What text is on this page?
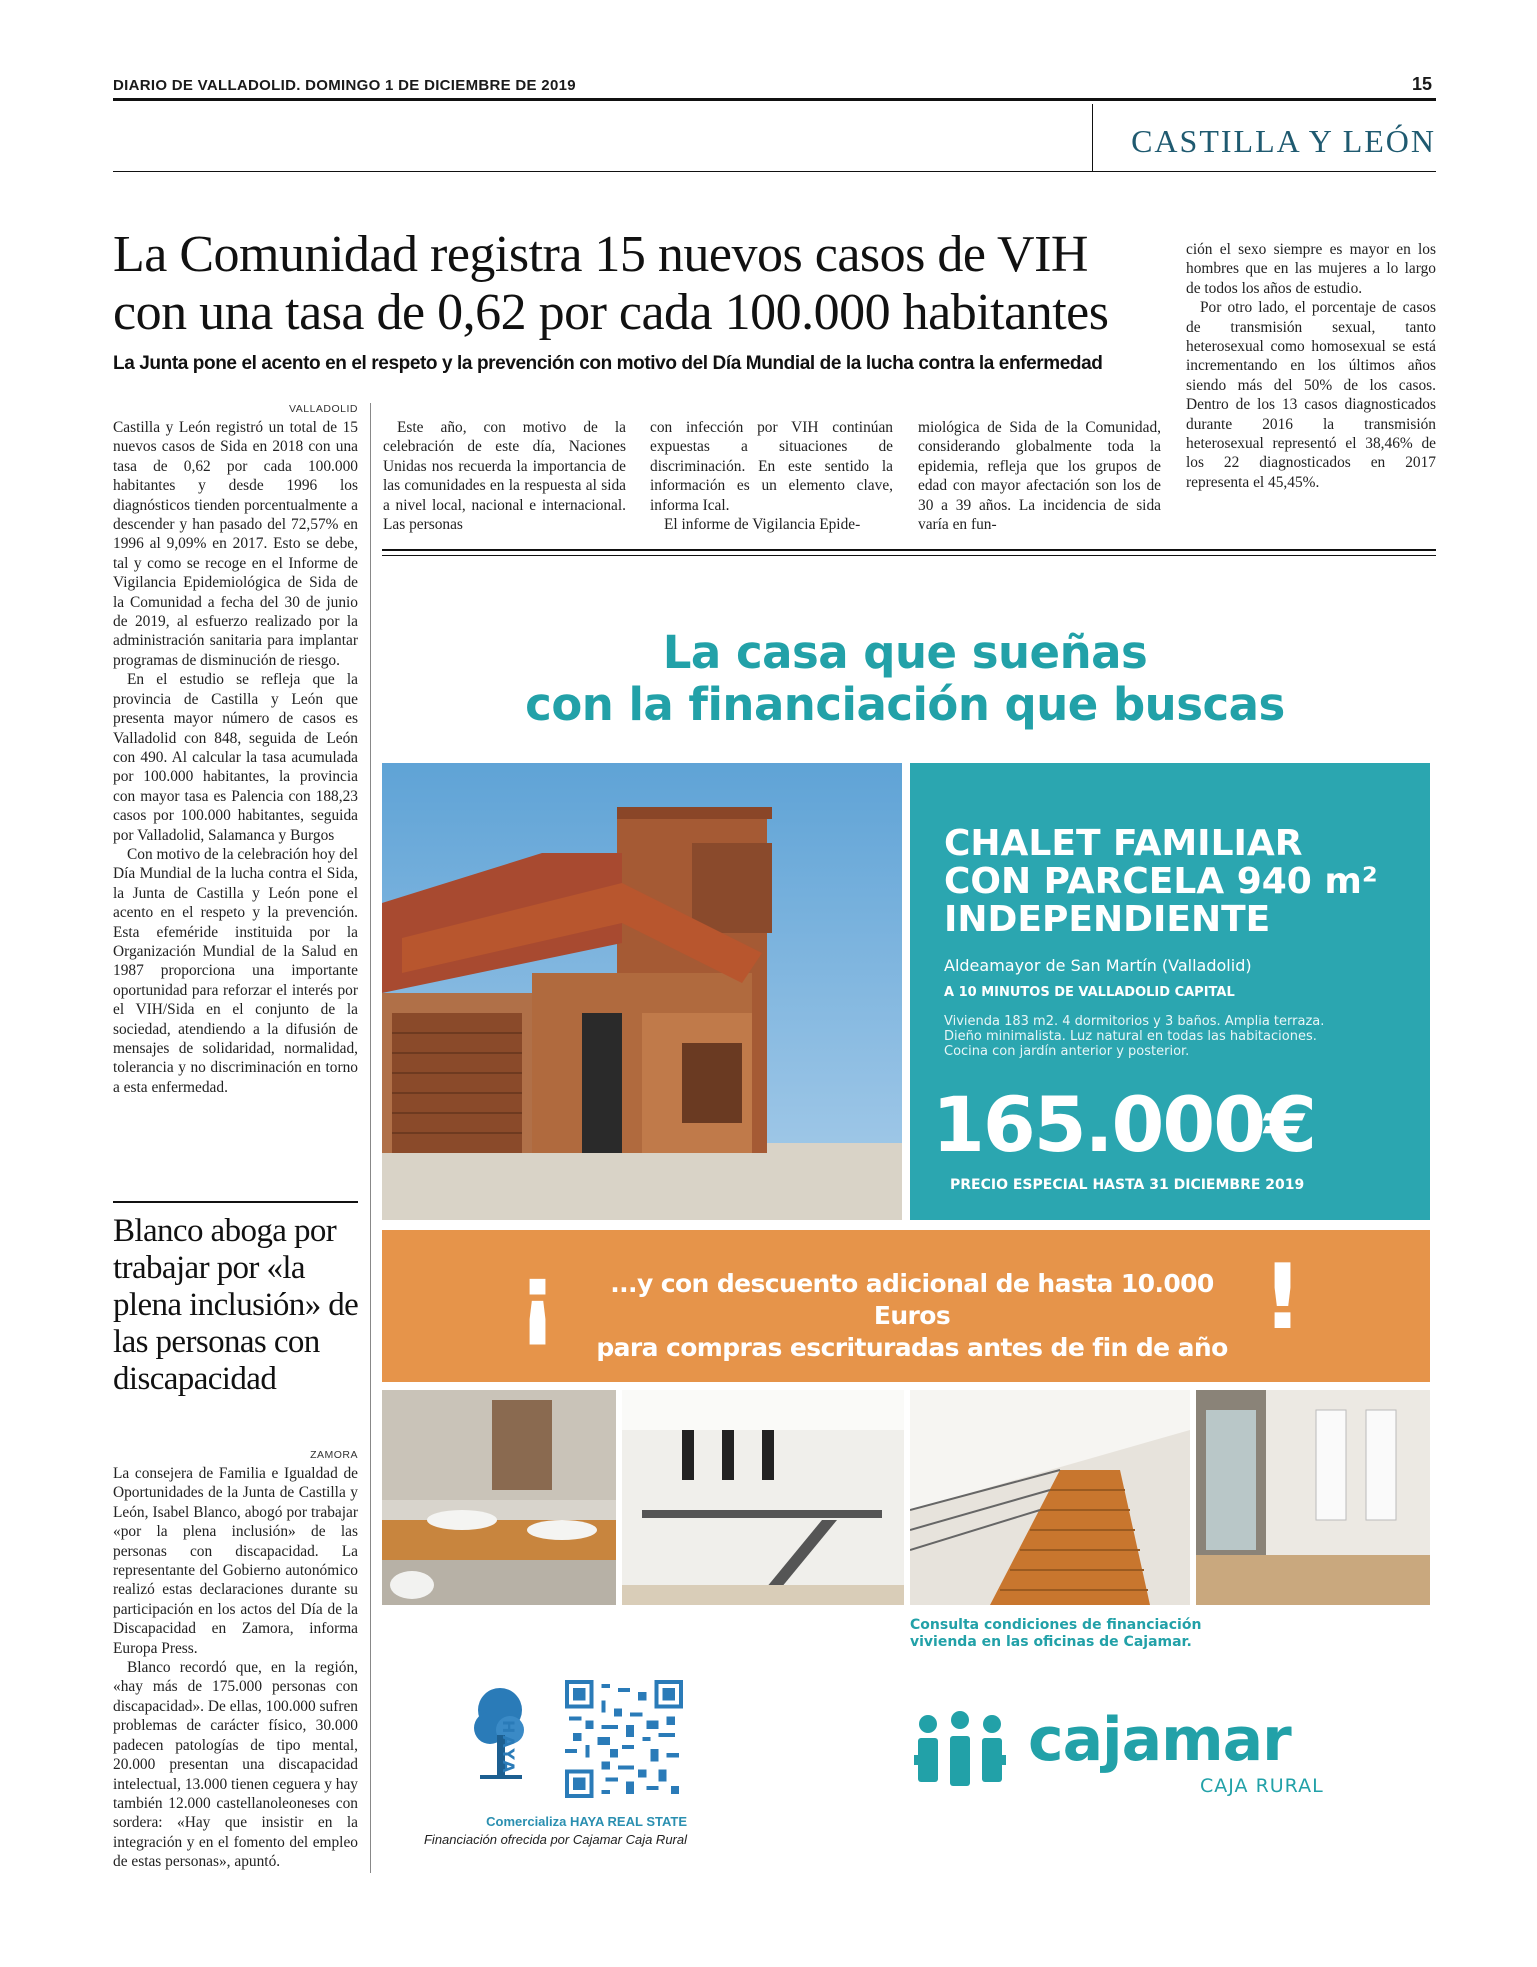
DIARIO DE VALLADOLID. DOMINGO 1 DE DICIEMBRE DE 2019	15
CASTILLA Y LEÓN
La Comunidad registra 15 nuevos casos de VIH
con una tasa de 0,62 por cada 100.000 habitantes
La Junta pone el acento en el respeto y la prevención con motivo del Día Mundial de la lucha contra la enfermedad
VALLADOLID

Castilla y León registró un total de 15 nuevos casos de Sida en 2018 con una tasa de 0,62 por cada 100.000 habitantes y desde 1996 los diagnósticos tienden porcentualmente a descender y han pasado del 72,57% en 1996 al 9,09% en 2017. Esto se debe, tal y como se recoge en el Informe de Vigilancia Epidemiológica de Sida de la Comunidad a fecha del 30 de junio de 2019, al esfuerzo realizado por la administración sanitaria para implantar programas de disminución de riesgo.

En el estudio se refleja que la provincia de Castilla y León que presenta mayor número de casos es Valladolid con 848, seguida de León con 490. Al calcular la tasa acumulada por 100.000 habitantes, la provincia con mayor tasa es Palencia con 188,23 casos por 100.000 habitantes, seguida por Valladolid, Salamanca y Burgos

Con motivo de la celebración hoy del Día Mundial de la lucha contra el Sida, la Junta de Castilla y León pone el acento en el respeto y la prevención. Esta efeméride instituida por la Organización Mundial de la Salud en 1987 proporciona una importante oportunidad para reforzar el interés por el VIH/Sida en el conjunto de la sociedad, atendiendo a la difusión de mensajes de solidaridad, normalidad, tolerancia y no discriminación en torno a esta enfermedad.

Este año, con motivo de la celebración de este día, Naciones Unidas nos recuerda la importancia de las comunidades en la respuesta al sida a nivel local, nacional e internacional. Las personas

con infección por VIH continúan expuestas a situaciones de discriminación. En este sentido la información es un elemento clave, informa Ical.

El informe de Vigilancia Epide-

miológica de Sida de la Comunidad, considerando globalmente toda la epidemia, refleja que los grupos de edad con mayor afectación son los de 30 a 39 años. La incidencia de sida varía en fun-

ción el sexo siempre es mayor en los hombres que en las mujeres a lo largo de todos los años de estudio.

Por otro lado, el porcentaje de casos de transmisión sexual, tanto heterosexual como homosexual se está incrementando en los últimos años siendo más del 50% de los casos. Dentro de los 13 casos diagnosticados durante 2016 la transmisión heterosexual representó el 38,46% de los 22 diagnosticados en 2017 representa el 45,45%.

Blanco aboga por trabajar por «la plena inclusión» de las personas con discapacidad
ZAMORA

La consejera de Familia e Igualdad de Oportunidades de la Junta de Castilla y León, Isabel Blanco, abogó por trabajar «por la plena inclusión» de las personas con discapacidad. La representante del Gobierno autonómico realizó estas declaraciones durante su participación en los actos del Día de la Discapacidad en Zamora, informa Europa Press.

Blanco recordó que, en la región, «hay más de 175.000 personas con discapacidad». De ellas, 100.000 sufren problemas de carácter físico, 30.000 padecen patologías de tipo mental, 20.000 presentan una discapacidad intelectual, 13.000 tienen ceguera y hay también 12.000 castellanoleoneses con sordera: «Hay que insistir en la integración y en el fomento del empleo de estas personas», apuntó.

La casa que sueñas
con la financiación que buscas
CHALET FAMILIAR
CON PARCELA 940 m²
INDEPENDIENTE
Aldeamayor de San Martín (Valladolid)
A 10 MINUTOS DE VALLADOLID CAPITAL
Vivienda 183 m2. 4 dormitorios y 3 baños. Amplia terraza.
Dieño minimalista. Luz natural en todas las habitaciones.
Cocina con jardín anterior y posterior.
165.000€
PRECIO ESPECIAL HASTA 31 DICIEMBRE 2019
¡	...y con descuento adicional de hasta 10.000 Euros
para compras escrituradas antes de fin de año !
Consulta condiciones de financiación
vivienda en las oficinas de Cajamar.
HAYA
Comercializa HAYA REAL STATE
Financiación ofrecida por Cajamar Caja Rural
cajamar
CAJA RURAL
